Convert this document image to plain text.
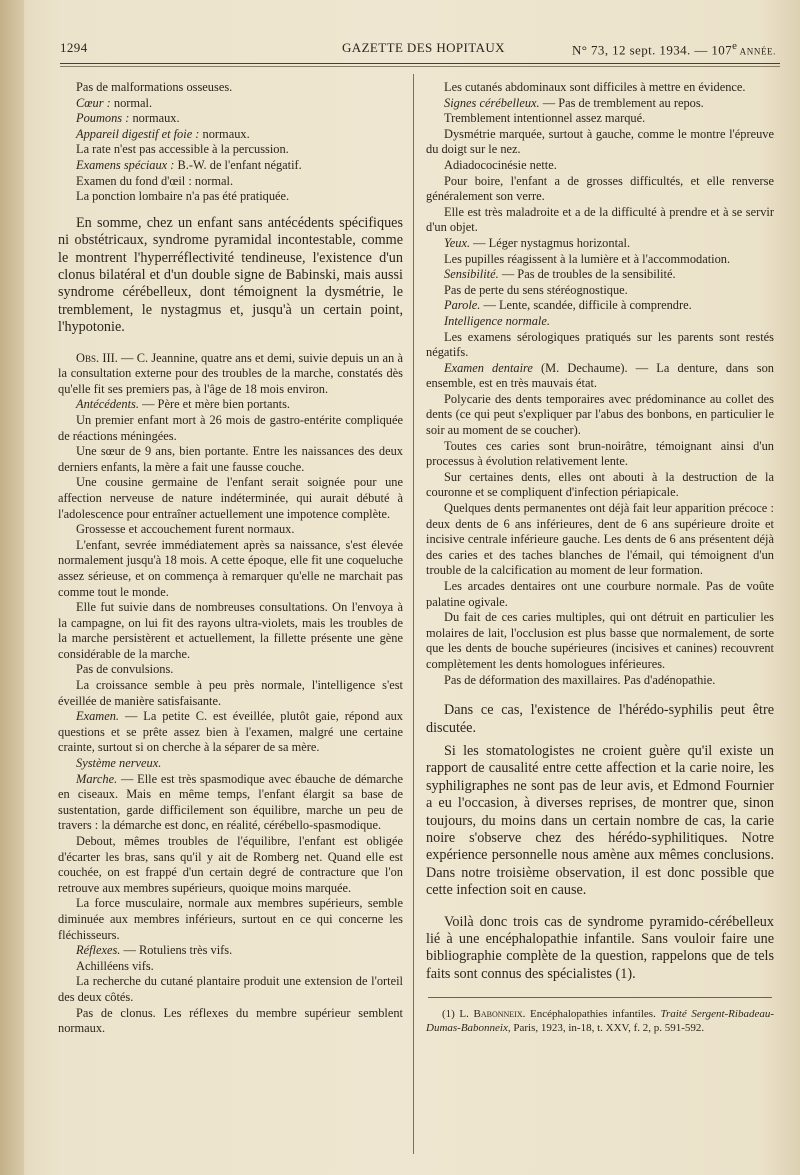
1294	GAZETTE DES HOPITAUX	N° 73, 12 sept. 1934. — 107e ANNÉE.

Pas de malformations osseuses.

Cœur : normal.

Poumons : normaux.

Appareil digestif et foie : normaux.

La rate n'est pas accessible à la percussion.

Examens spéciaux : B.-W. de l'enfant négatif.

Examen du fond d'œil : normal.

La ponction lombaire n'a pas été pratiquée.

En somme, chez un enfant sans antécédents spécifiques ni obstétricaux, syndrome pyramidal incontestable, comme le montrent l'hyperréflectivité tendineuse, l'existence d'un clonus bilatéral et d'un double signe de Babinski, mais aussi syndrome cérébelleux, dont témoignent la dysmétrie, le tremblement, le nystagmus et, jusqu'à un certain point, l'hypotonie.

Obs. III. — C. Jeannine, quatre ans et demi, suivie depuis un an à la consultation externe pour des troubles de la marche, constatés dès qu'elle fit ses premiers pas, à l'âge de 18 mois environ.

Antécédents. — Père et mère bien portants.

Un premier enfant mort à 26 mois de gastro-entérite compliquée de réactions méningées.

Une sœur de 9 ans, bien portante. Entre les naissances des deux derniers enfants, la mère a fait une fausse couche.

Une cousine germaine de l'enfant serait soignée pour une affection nerveuse de nature indéterminée, qui aurait débuté à l'adolescence pour entraîner actuellement une impotence complète.

Grossesse et accouchement furent normaux.

L'enfant, sevrée immédiatement après sa naissance, s'est élevée normalement jusqu'à 18 mois. A cette époque, elle fit une coqueluche assez sérieuse, et on commença à remarquer qu'elle ne marchait pas comme tout le monde.

Elle fut suivie dans de nombreuses consultations. On l'envoya à la campagne, on lui fit des rayons ultra-violets, mais les troubles de la marche persistèrent et actuellement, la fillette présente une gène considérable de la marche.

Pas de convulsions.

La croissance semble à peu près normale, l'intelligence s'est éveillée de manière satisfaisante.

Examen. — La petite C. est éveillée, plutôt gaie, répond aux questions et se prête assez bien à l'examen, malgré une certaine crainte, surtout si on cherche à la séparer de sa mère.

Système nerveux.

Marche. — Elle est très spasmodique avec ébauche de démarche en ciseaux. Mais en même temps, l'enfant élargit sa base de sustentation, garde difficilement son équilibre, marche un peu de travers : la démarche est donc, en réalité, cérébello-spasmodique.

Debout, mêmes troubles de l'équilibre, l'enfant est obligée d'écarter les bras, sans qu'il y ait de Romberg net. Quand elle est couchée, on est frappé d'un certain degré de contracture que l'on retrouve aux membres supérieurs, quoique moins marquée.

La force musculaire, normale aux membres supérieurs, semble diminuée aux membres inférieurs, surtout en ce qui concerne les fléchisseurs.

Réflexes. — Rotuliens très vifs.

Achilléens vifs.

La recherche du cutané plantaire produit une extension de l'orteil des deux côtés.

Pas de clonus. Les réflexes du membre supérieur semblent normaux.

Les cutanés abdominaux sont difficiles à mettre en évidence.

Signes cérébelleux. — Pas de tremblement au repos.

Tremblement intentionnel assez marqué.

Dysmétrie marquée, surtout à gauche, comme le montre l'épreuve du doigt sur le nez.

Adiadococinésie nette.

Pour boire, l'enfant a de grosses difficultés, et elle renverse généralement son verre.

Elle est très maladroite et a de la difficulté à prendre et à se servir d'un objet.

Yeux. — Léger nystagmus horizontal.

Les pupilles réagissent à la lumière et à l'accommodation.

Sensibilité. — Pas de troubles de la sensibilité.

Pas de perte du sens stéréognostique.

Parole. — Lente, scandée, difficile à comprendre.

Intelligence normale.

Les examens sérologiques pratiqués sur les parents sont restés négatifs.

Examen dentaire (M. Dechaume). — La denture, dans son ensemble, est en très mauvais état.

Polycarie des dents temporaires avec prédominance au collet des dents (ce qui peut s'expliquer par l'abus des bonbons, en particulier le soir au moment de se coucher).

Toutes ces caries sont brun-noirâtre, témoignant ainsi d'un processus à évolution relativement lente.

Sur certaines dents, elles ont abouti à la destruction de la couronne et se compliquent d'infection périapicale.

Quelques dents permanentes ont déjà fait leur apparition précoce : deux dents de 6 ans inférieures, dent de 6 ans supérieure droite et incisive centrale inférieure gauche. Les dents de 6 ans présentent déjà des caries et des taches blanches de l'émail, qui témoignent d'un trouble de la calcification au moment de leur formation.

Les arcades dentaires ont une courbure normale. Pas de voûte palatine ogivale.

Du fait de ces caries multiples, qui ont détruit en particulier les molaires de lait, l'occlusion est plus basse que normalement, de sorte que les dents de bouche supérieures (incisives et canines) recouvrent complètement les dents homologues inférieures.

Pas de déformation des maxillaires. Pas d'adénopathie.

Dans ce cas, l'existence de l'hérédo-syphilis peut être discutée.

Si les stomatologistes ne croient guère qu'il existe un rapport de causalité entre cette affection et la carie noire, les syphiligraphes ne sont pas de leur avis, et Edmond Fournier a eu l'occasion, à diverses reprises, de montrer que, sinon toujours, du moins dans un certain nombre de cas, la carie noire s'observe chez des hérédo-syphilitiques. Notre expérience personnelle nous amène aux mêmes conclusions. Dans notre troisième observation, il est donc possible que cette infection soit en cause.

Voilà donc trois cas de syndrome pyramido-cérébelleux lié à une encéphalopathie infantile. Sans vouloir faire une bibliographie complète de la question, rappelons que de tels faits sont connus des spécialistes (1).

(1) L. Babonneix. Encéphalopathies infantiles. Traité Sergent-Ribadeau-Dumas-Babonneix, Paris, 1923, in-18, t. XXV, f. 2, p. 591-592.
